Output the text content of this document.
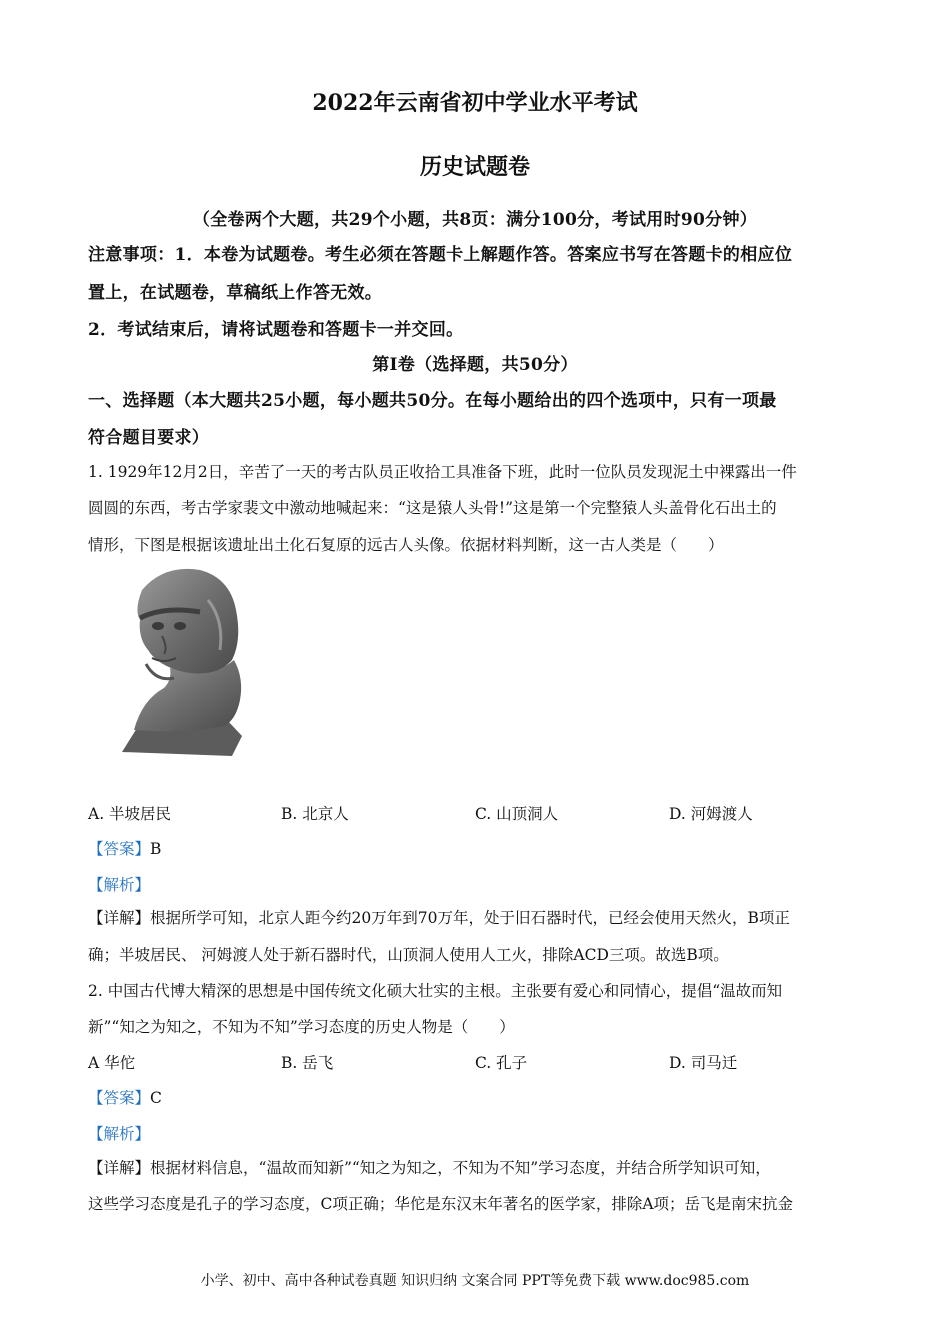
2022年云南省初中学业水平考试
历史试题卷
（全卷两个大题，共29个小题，共8页：满分100分，考试用时90分钟）
注意事项：1．本卷为试题卷。考生必须在答题卡上解题作答。答案应书写在答题卡的相应位
置上，在试题卷，草稿纸上作答无效。
2．考试结束后，请将试题卷和答题卡一并交回。
第Ⅰ卷（选择题，共50分）
一、选择题（本大题共25小题，每小题共50分。在每小题给出的四个选项中，只有一项最
符合题目要求）
1. 1929年12月2日，辛苦了一天的考古队员正收拾工具准备下班，此时一位队员发现泥土中裸露出一件
圆圆的东西，考古学家裴文中激动地喊起来：“这是猿人头骨!”这是第一个完整猿人头盖骨化石出土的
情形，下图是根据该遗址出土化石复原的远古人头像。依据材料判断，这一古人类是（　　）
A. 半坡居民	B. 北京人	C. 山顶洞人	D. 河姆渡人
【答案】B
【解析】
【详解】根据所学可知，北京人距今约20万年到70万年，处于旧石器时代，已经会使用天然火，B项正
确；半坡居民、 河姆渡人处于新石器时代，山顶洞人使用人工火，排除ACD三项。故选B项。
2. 中国古代博大精深的思想是中国传统文化硕大壮实的主根。主张要有爱心和同情心，提倡“温故而知
新”“知之为知之，不知为不知”学习态度的历史人物是（　　）
A 华佗	B. 岳飞	C. 孔子	D. 司马迁
【答案】C
【解析】
【详解】根据材料信息，“温故而知新”“知之为知之，不知为不知”学习态度，并结合所学知识可知，
这些学习态度是孔子的学习态度，C项正确；华佗是东汉末年著名的医学家，排除A项；岳飞是南宋抗金
小学、初中、高中各种试卷真题 知识归纳 文案合同 PPT等免费下载 www.doc985.com
